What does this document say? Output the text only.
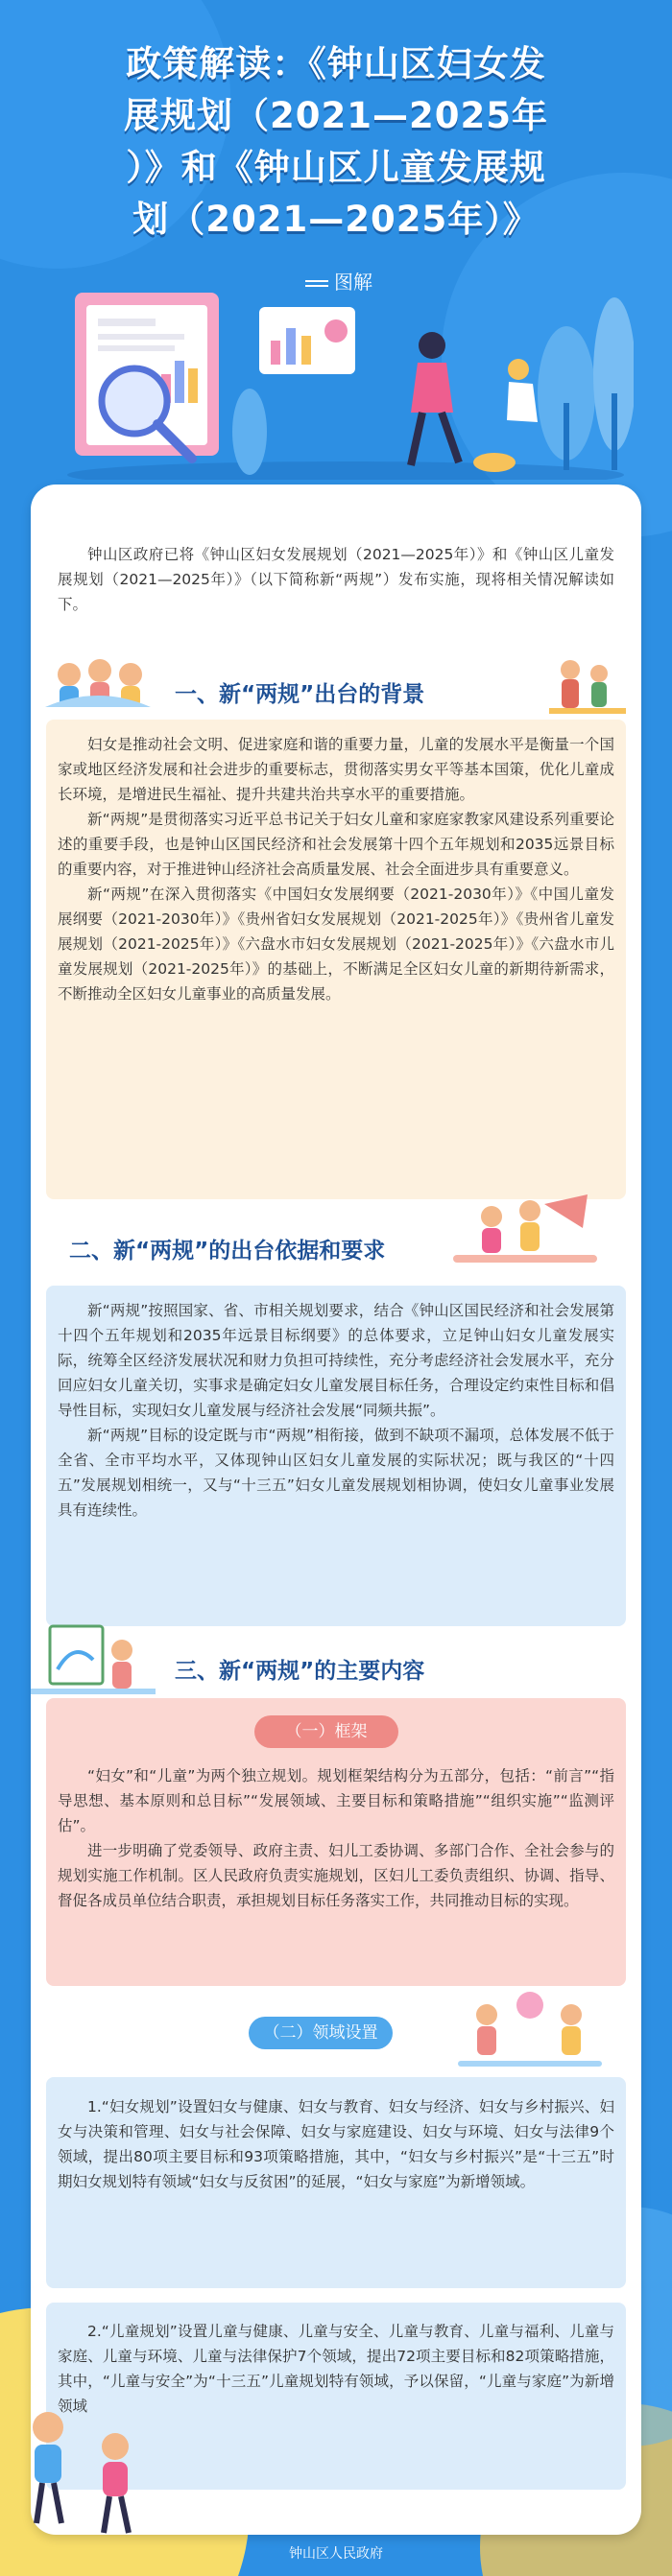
政策解读：《钟山区妇女发
展规划（2021—2025年
）》和《钟山区儿童发展规
划（2021—2025年）》
图解

钟山区政府已将《钟山区妇女发展规划（2021—2025年）》和《钟山区儿童发展规划（2021—2025年）》（以下简称新“两规”）发布实施，现将相关情况解读如下。

一、新“两规”出台的背景
妇女是推动社会文明、促进家庭和谐的重要力量，儿童的发展水平是衡量一个国家或地区经济发展和社会进步的重要标志，贯彻落实男女平等基本国策，优化儿童成长环境，是增进民生福祉、提升共建共治共享水平的重要措施。
新“两规”是贯彻落实习近平总书记关于妇女儿童和家庭家教家风建设系列重要论述的重要手段，也是钟山区国民经济和社会发展第十四个五年规划和2035远景目标的重要内容，对于推进钟山经济社会高质量发展、社会全面进步具有重要意义。
新“两规”在深入贯彻落实《中国妇女发展纲要（2021-2030年）》《中国儿童发展纲要（2021-2030年）》《贵州省妇女发展规划（2021-2025年）》《贵州省儿童发展规划（2021-2025年）》《六盘水市妇女发展规划（2021-2025年）》《六盘水市儿童发展规划（2021-2025年）》的基础上，不断满足全区妇女儿童的新期待新需求，不断推动全区妇女儿童事业的高质量发展。
二、新“两规”的出台依据和要求
新“两规”按照国家、省、市相关规划要求，结合《钟山区国民经济和社会发展第十四个五年规划和2035年远景目标纲要》的总体要求，立足钟山妇女儿童发展实际，统筹全区经济发展状况和财力负担可持续性，充分考虑经济社会发展水平，充分回应妇女儿童关切，实事求是确定妇女儿童发展目标任务，合理设定约束性目标和倡导性目标，实现妇女儿童发展与经济社会发展“同频共振”。
新“两规”目标的设定既与市“两规”相衔接，做到不缺项不漏项，总体发展不低于全省、全市平均水平，又体现钟山区妇女儿童发展的实际状况；既与我区的“十四五”发展规划相统一，又与“十三五”妇女儿童发展规划相协调，使妇女儿童事业发展具有连续性。
三、新“两规”的主要内容
（一）框架
“妇女”和“儿童”为两个独立规划。规划框架结构分为五部分，包括：“前言”“指导思想、基本原则和总目标”“发展领域、主要目标和策略措施”“组织实施”“监测评估”。
进一步明确了党委领导、政府主责、妇儿工委协调、多部门合作、全社会参与的规划实施工作机制。区人民政府负责实施规划，区妇儿工委负责组织、协调、指导、督促各成员单位结合职责，承担规划目标任务落实工作，共同推动目标的实现。
（二）领域设置
1.“妇女规划”设置妇女与健康、妇女与教育、妇女与经济、妇女与乡村振兴、妇女与决策和管理、妇女与社会保障、妇女与家庭建设、妇女与环境、妇女与法律9个领域，提出80项主要目标和93项策略措施，其中，“妇女与乡村振兴”是“十三五”时期妇女规划特有领域“妇女与反贫困”的延展，“妇女与家庭”为新增领域。
2.“儿童规划”设置儿童与健康、儿童与安全、儿童与教育、儿童与福利、儿童与家庭、儿童与环境、儿童与法律保护7个领域，提出72项主要目标和82项策略措施，其中，“儿童与安全”为“十三五”儿童规划特有领域，予以保留，“儿童与家庭”为新增领域
钟山区人民政府
